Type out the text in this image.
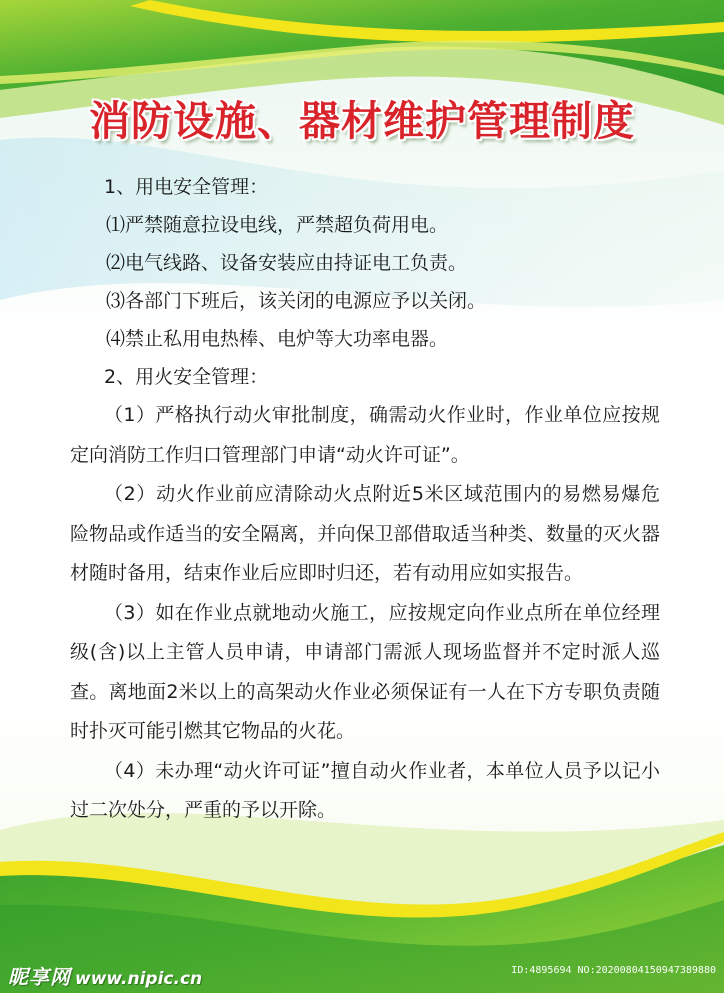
消防设施、器材维护管理制度
1、用电安全管理：
⑴严禁随意拉设电线，严禁超负荷用电。
⑵电气线路、设备安装应由持证电工负责。
⑶各部门下班后，该关闭的电源应予以关闭。
⑷禁止私用电热棒、电炉等大功率电器。
2、用火安全管理：

（1）严格执行动火审批制度，确需动火作业时，作业单位应按规定向消防工作归口管理部门申请“动火许可证”。

（2）动火作业前应清除动火点附近5米区域范围内的易燃易爆危险物品或作适当的安全隔离，并向保卫部借取适当种类、数量的灭火器材随时备用，结束作业后应即时归还，若有动用应如实报告。

（3）如在作业点就地动火施工，应按规定向作业点所在单位经理级(含)以上主管人员申请，申请部门需派人现场监督并不定时派人巡查。离地面2米以上的高架动火作业必须保证有一人在下方专职负责随时扑灭可能引燃其它物品的火花。

（4）未办理“动火许可证”擅自动火作业者，本单位人员予以记小过二次处分，严重的予以开除。

昵享网 www.nipic.cn	ID:4895694 NO:20200804150947389880
